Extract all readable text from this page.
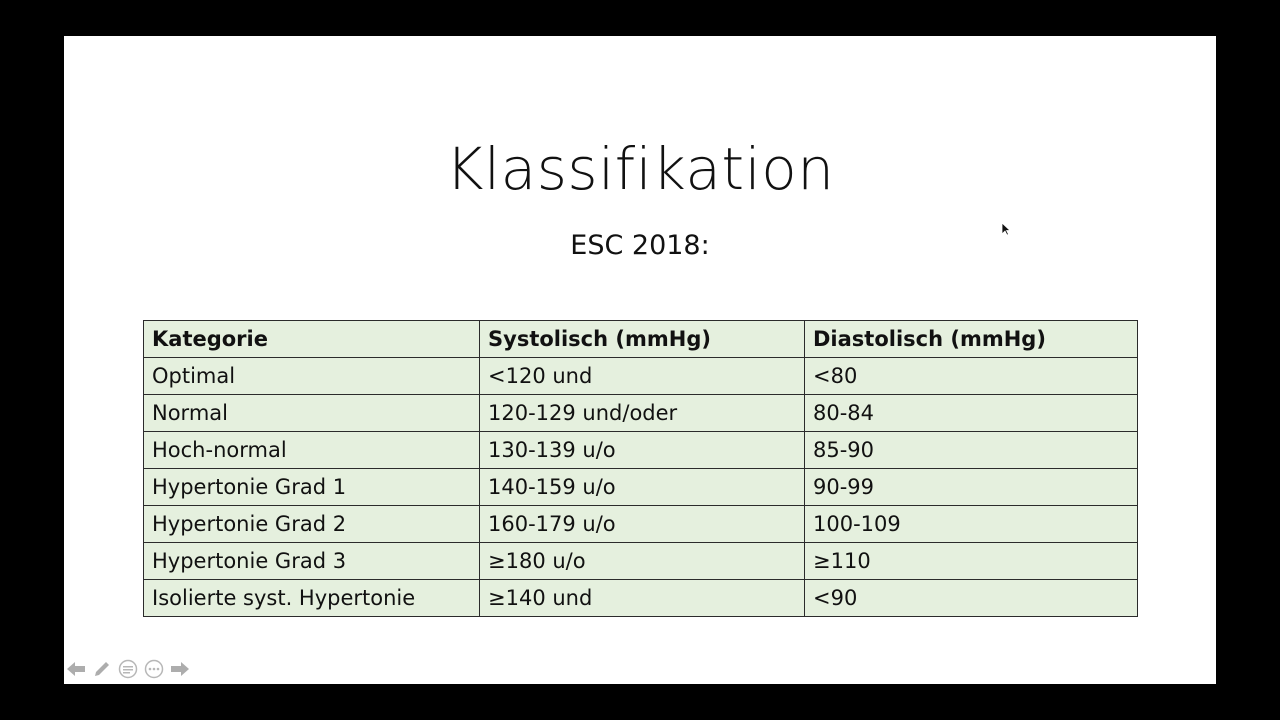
Klassifikation
ESC 2018:
Kategorie	Systolisch (mmHg)	Diastolisch (mmHg)
Optimal	<120 und	<80
Normal	120-129 und/oder	80-84
Hoch-normal	130-139 u/o	85-90
Hypertonie Grad 1	140-159 u/o	90-99
Hypertonie Grad 2	160-179 u/o	100-109
Hypertonie Grad 3	≥180 u/o	≥110
Isolierte syst. Hypertonie	≥140 und	<90
